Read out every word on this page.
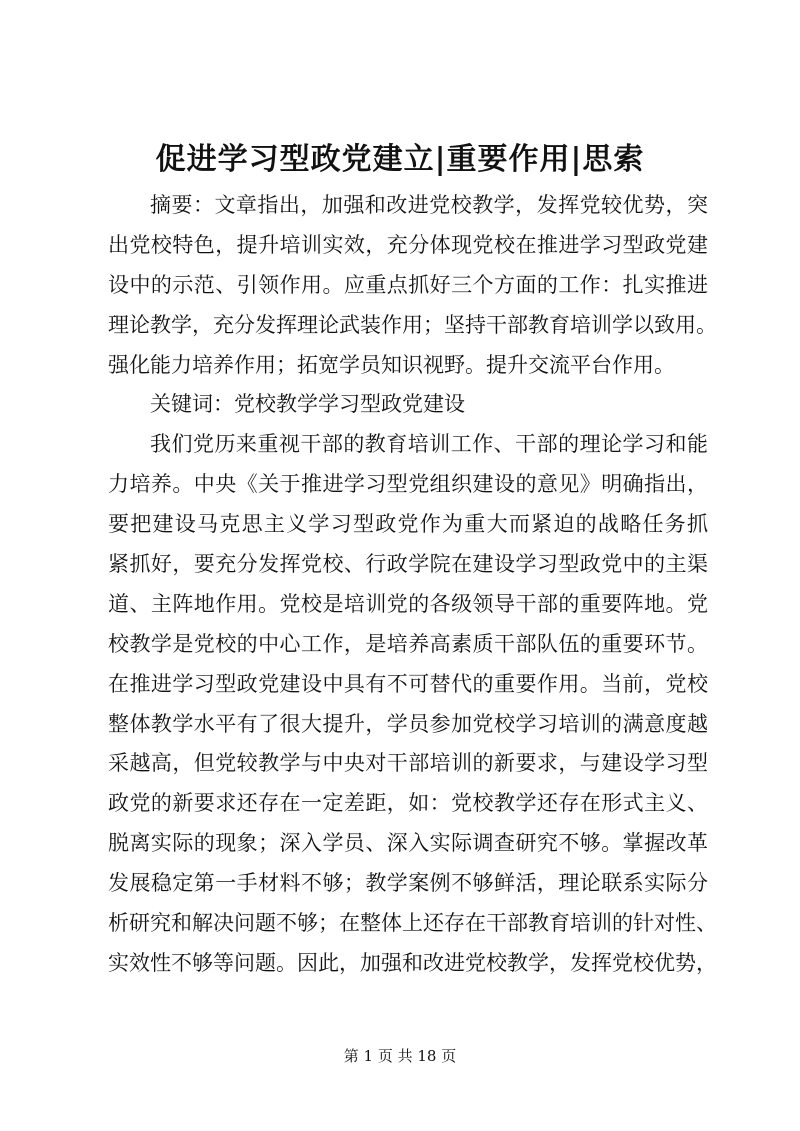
促进学习型政党建立|重要作用|思索
摘要：文章指出，加强和改进党校教学，发挥党较优势，突
出党校特色，提升培训实效，充分体现党校在推进学习型政党建
设中的示范、引领作用。应重点抓好三个方面的工作：扎实推进
理论教学，充分发挥理论武装作用；坚持干部教育培训学以致用。
强化能力培养作用；拓宽学员知识视野。提升交流平台作用。
关键词：党校教学学习型政党建设
我们党历来重视干部的教育培训工作、干部的理论学习和能
力培养。中央《关于推进学习型党组织建设的意见》明确指出，
要把建设马克思主义学习型政党作为重大而紧迫的战略任务抓
紧抓好，要充分发挥党校、行政学院在建设学习型政党中的主渠
道、主阵地作用。党校是培训党的各级领导干部的重要阵地。党
校教学是党校的中心工作，是培养高素质干部队伍的重要环节。
在推进学习型政党建设中具有不可替代的重要作用。当前，党校
整体教学水平有了很大提升，学员参加党校学习培训的满意度越
采越高，但党较教学与中央对干部培训的新要求，与建设学习型
政党的新要求还存在一定差距，如：党校教学还存在形式主义、
脱离实际的现象；深入学员、深入实际调查研究不够。掌握改革
发展稳定第一手材料不够；教学案例不够鲜活，理论联系实际分
析研究和解决问题不够；在整体上还存在干部教育培训的针对性、
实效性不够等问题。因此，加强和改进党校教学，发挥党校优势，
第 1 页 共 18 页
